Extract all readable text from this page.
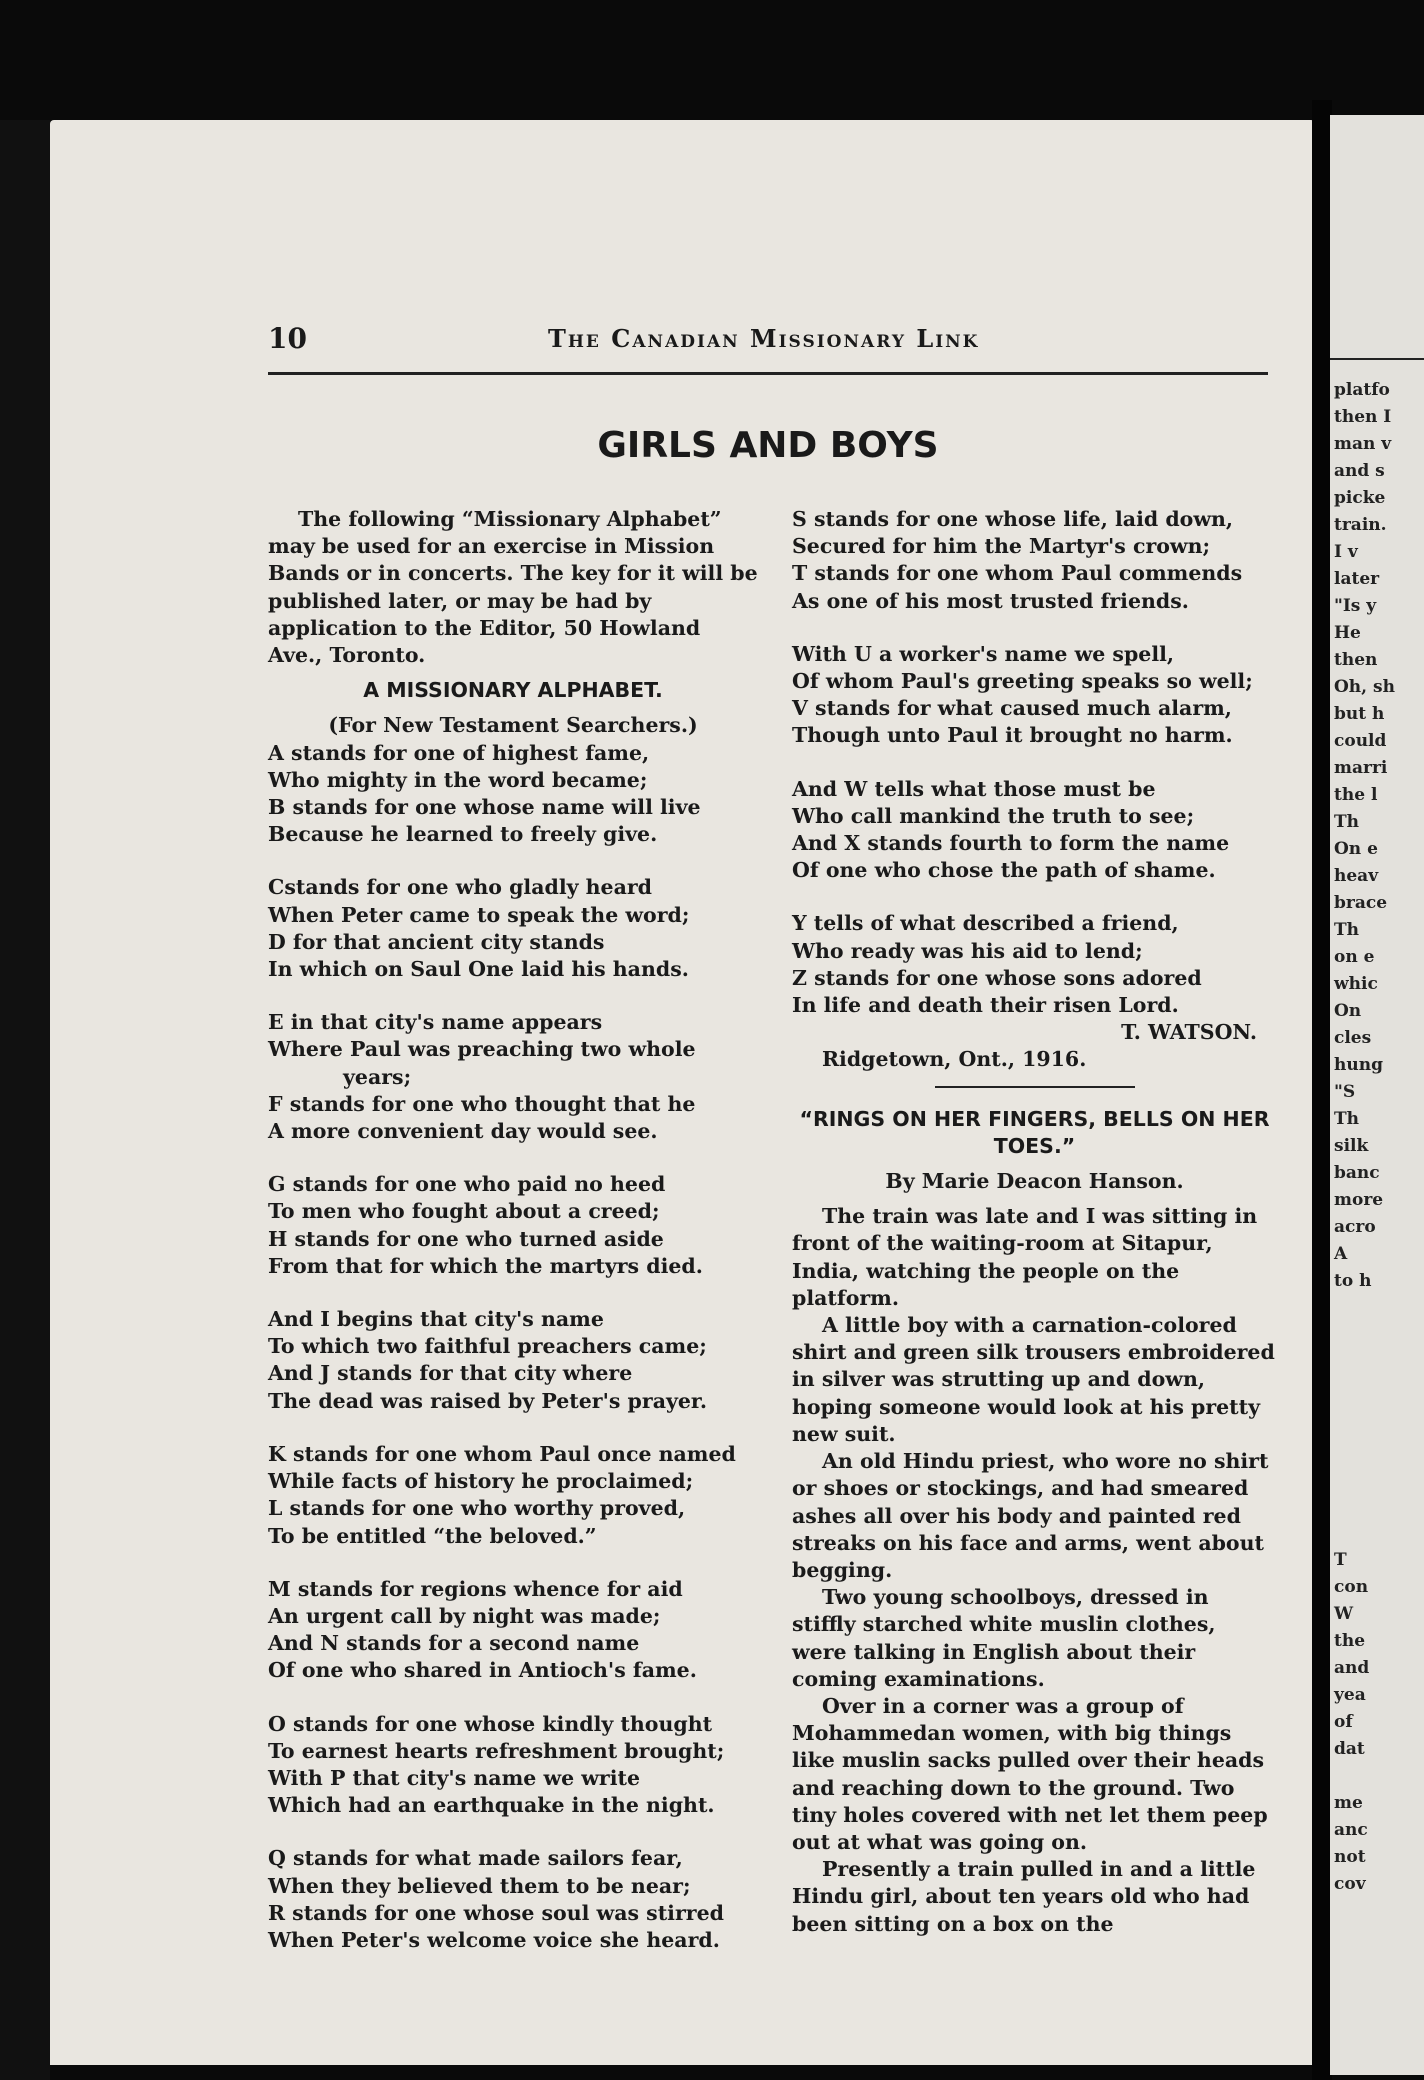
platfo
then I
man v
and s
picke
train.
I v
later
"Is y
He
then
Oh, sh
but h
could
marri
the l
Th
On e
heav
brace
Th
on e
whic
On
cles
hung
"S
Th
silk
banc
more
acro
A
to h
T
con
W
the
and
yea
of
dat

me
anc
not
cov
10	The Canadian Missionary Link
GIRLS AND BOYS

The following “Missionary Alphabet” may be used for an exercise in Mission Bands or in concerts. The key for it will be published later, or may be had by application to the Editor, 50 Howland Ave., Toronto.

A MISSIONARY ALPHABET.

(For New Testament Searchers.)

A stands for one of highest fame,
Who mighty in the word became;
B stands for one whose name will live
Because he learned to freely give.
Cstands for one who gladly heard
When Peter came to speak the word;
D for that ancient city stands
In which on Saul One laid his hands.
E in that city's name appears
Where Paul was preaching two whole
years;
F stands for one who thought that he
A more convenient day would see.
G stands for one who paid no heed
To men who fought about a creed;
H stands for one who turned aside
From that for which the martyrs died.
And I begins that city's name
To which two faithful preachers came;
And J stands for that city where
The dead was raised by Peter's prayer.
K stands for one whom Paul once named
While facts of history he proclaimed;
L stands for one who worthy proved,
To be entitled “the beloved.”
M stands for regions whence for aid
An urgent call by night was made;
And N stands for a second name
Of one who shared in Antioch's fame.
O stands for one whose kindly thought
To earnest hearts refreshment brought;
With P that city's name we write
Which had an earthquake in the night.
Q stands for what made sailors fear,
When they believed them to be near;
R stands for one whose soul was stirred
When Peter's welcome voice she heard.
S stands for one whose life, laid down,
Secured for him the Martyr's crown;
T stands for one whom Paul commends
As one of his most trusted friends.
With U a worker's name we spell,
Of whom Paul's greeting speaks so well;
V stands for what caused much alarm,
Though unto Paul it brought no harm.
And W tells what those must be
Who call mankind the truth to see;
And X stands fourth to form the name
Of one who chose the path of shame.
Y tells of what described a friend,
Who ready was his aid to lend;
Z stands for one whose sons adored
In life and death their risen Lord.

T. WATSON.

Ridgetown, Ont., 1916.

“RINGS ON HER FINGERS, BELLS ON HER TOES.”

By Marie Deacon Hanson.

The train was late and I was sitting in front of the waiting-room at Sitapur, India, watching the people on the platform.

A little boy with a carnation-colored shirt and green silk trousers embroidered in silver was strutting up and down, hoping someone would look at his pretty new suit.

An old Hindu priest, who wore no shirt or shoes or stockings, and had smeared ashes all over his body and painted red streaks on his face and arms, went about begging.

Two young schoolboys, dressed in stiffly starched white muslin clothes, were talking in English about their coming examinations.

Over in a corner was a group of Mohammedan women, with big things like muslin sacks pulled over their heads and reaching down to the ground. Two tiny holes covered with net let them peep out at what was going on.

Presently a train pulled in and a little Hindu girl, about ten years old who had been sitting on a box on the
